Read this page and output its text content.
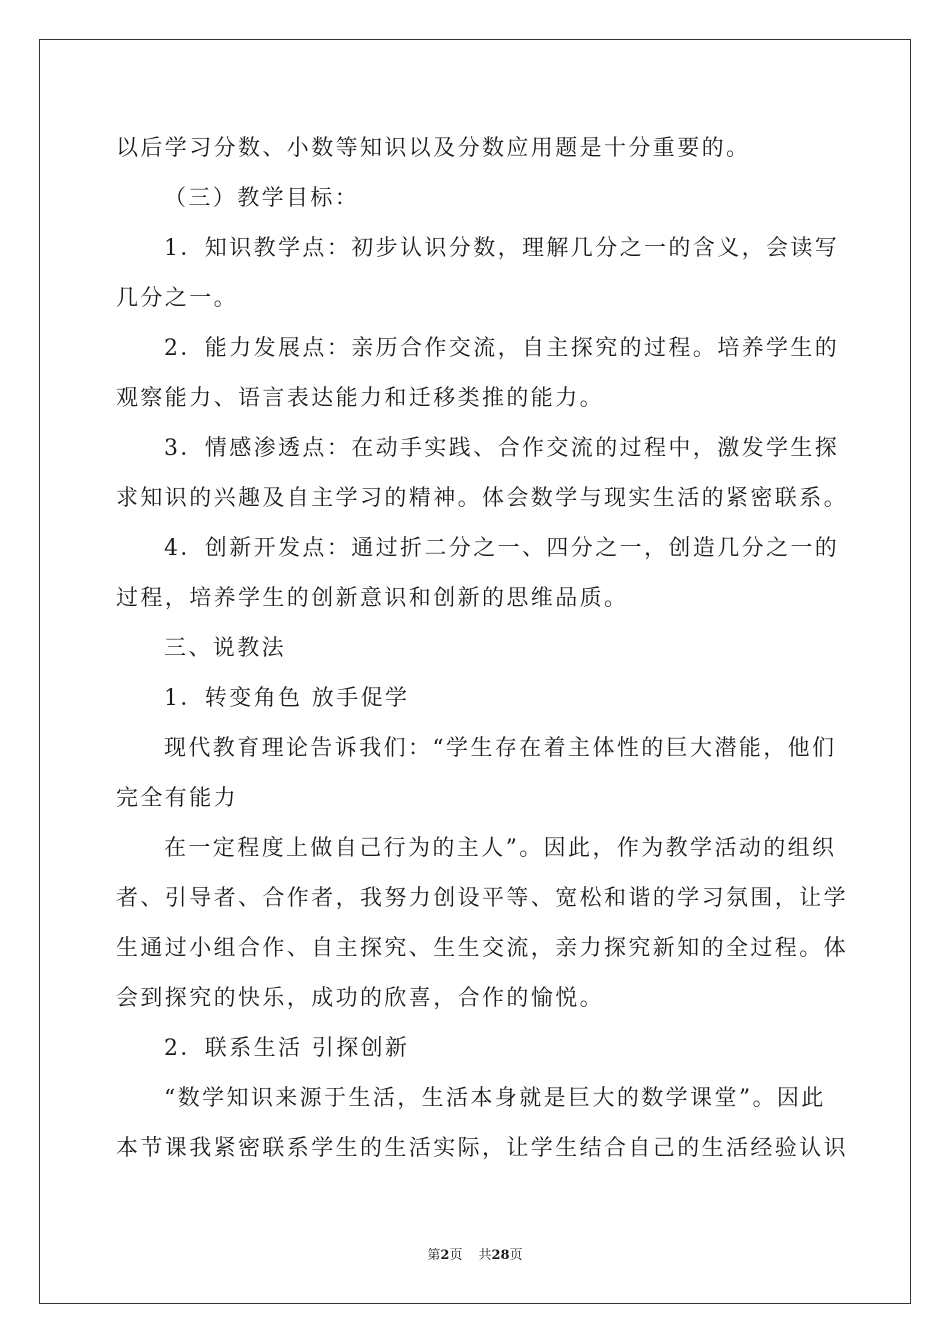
以后学习分数、小数等知识以及分数应用题是十分重要的。
（三）教学目标：
1．知识教学点：初步认识分数，理解几分之一的含义，会读写
几分之一。
2．能力发展点：亲历合作交流，自主探究的过程。培养学生的
观察能力、语言表达能力和迁移类推的能力。
3．情感渗透点：在动手实践、合作交流的过程中，激发学生探
求知识的兴趣及自主学习的精神。体会数学与现实生活的紧密联系。
4．创新开发点：通过折二分之一、四分之一，创造几分之一的
过程，培养学生的创新意识和创新的思维品质。
三、说教法
1．转变角色 放手促学
现代教育理论告诉我们：“学生存在着主体性的巨大潜能，他们
完全有能力
在一定程度上做自己行为的主人”。因此，作为教学活动的组织
者、引导者、合作者，我努力创设平等、宽松和谐的学习氛围，让学
生通过小组合作、自主探究、生生交流，亲力探究新知的全过程。体
会到探究的快乐，成功的欣喜，合作的愉悦。
2．联系生活 引探创新
“数学知识来源于生活，生活本身就是巨大的数学课堂”。因此
本节课我紧密联系学生的生活实际，让学生结合自己的生活经验认识
第2页 共28页
